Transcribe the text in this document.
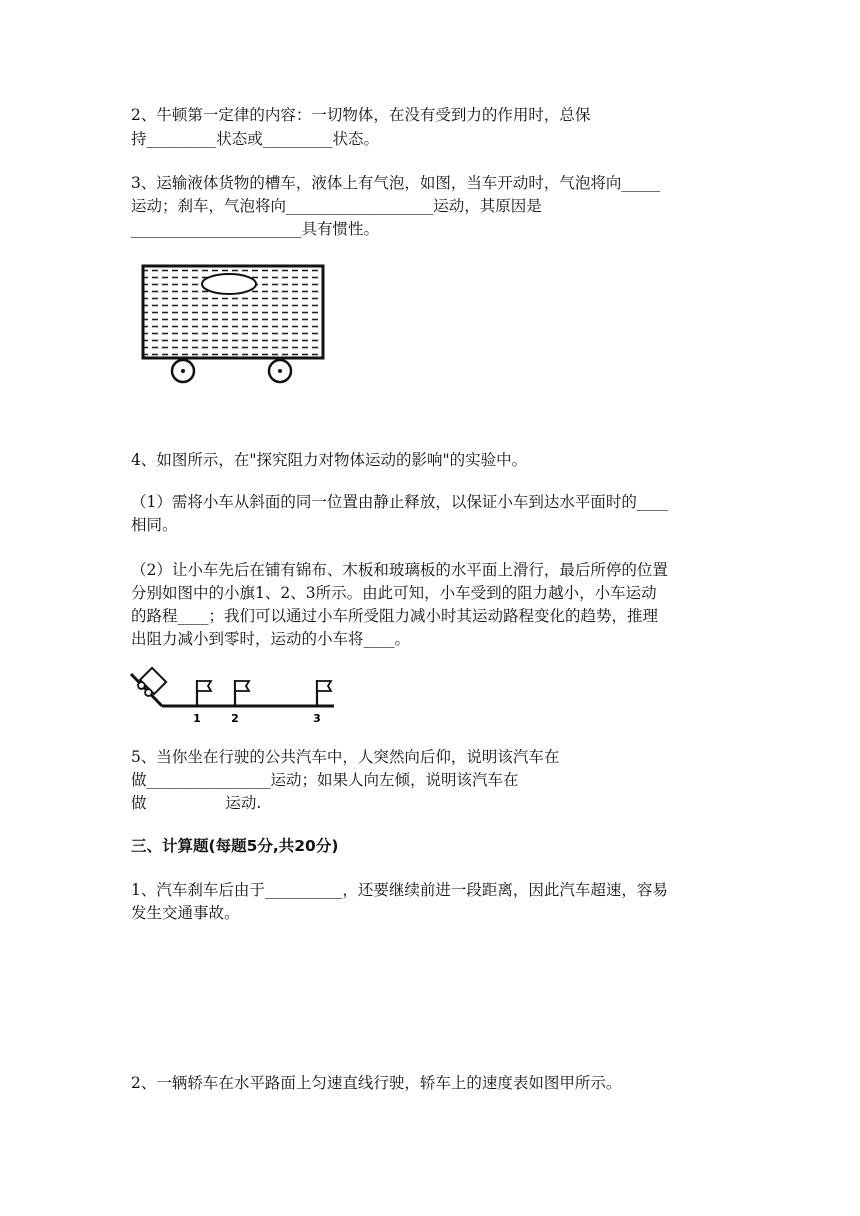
2、牛顿第一定律的内容：一切物体，在没有受到力的作用时，总保
持_________状态或_________状态。
3、运输液体货物的槽车，液体上有气泡，如图，当车开动时，气泡将向_____
运动；刹车，气泡将向___________________运动，其原因是
______________________具有惯性。
4、如图所示，在"探究阻力对物体运动的影响"的实验中。
（1）需将小车从斜面的同一位置由静止释放，以保证小车到达水平面时的____
相同。
（2）让小车先后在铺有锦布、木板和玻璃板的水平面上滑行，最后所停的位置
分别如图中的小旗1、2、3所示。由此可知，小车受到的阻力越小，小车运动
的路程____；我们可以通过小车所受阻力减小时其运动路程变化的趋势，推理
出阻力减小到零时，运动的小车将____。
1	2	3
5、当你坐在行驶的公共汽车中，人突然向后仰，说明该汽车在
做________________运动；如果人向左倾，说明该汽车在
做                运动.
三、计算题(每题5分,共20分)
1、汽车刹车后由于__________，还要继续前进一段距离，因此汽车超速，容易
发生交通事故。
2、一辆轿车在水平路面上匀速直线行驶，轿车上的速度表如图甲所示。
